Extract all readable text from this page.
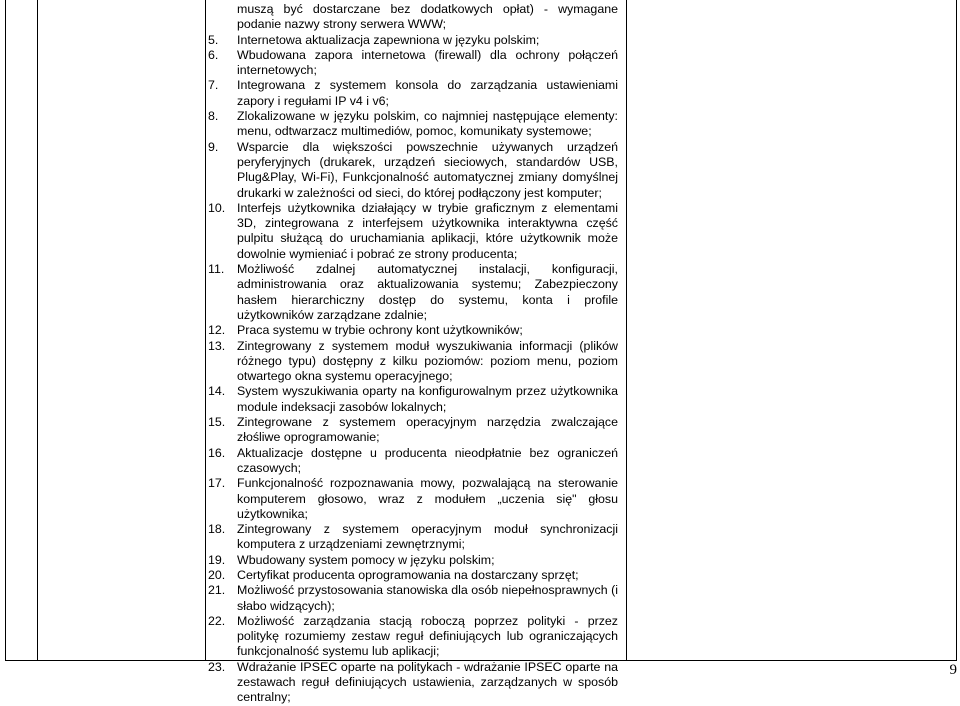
muszą być dostarczane bez dodatkowych opłat) - wymagane podanie nazwy strony serwera WWW;
5. Internetowa aktualizacja zapewniona w języku polskim;
6. Wbudowana zapora internetowa (firewall) dla ochrony połączeń internetowych;
7. Integrowana z systemem konsola do zarządzania ustawieniami zapory i regułami IP v4 i v6;
8. Zlokalizowane w języku polskim, co najmniej następujące elementy: menu, odtwarzacz multimediów, pomoc, komunikaty systemowe;
9. Wsparcie dla większości powszechnie używanych urządzeń peryferyjnych (drukarek, urządzeń sieciowych, standardów USB, Plug&Play, Wi-Fi), Funkcjonalność automatycznej zmiany domyślnej drukarki w zależności od sieci, do której podłączony jest komputer;
10. Interfejs użytkownika działający w trybie graficznym z elementami 3D, zintegrowana z interfejsem użytkownika interaktywna część pulpitu służącą do uruchamiania aplikacji, które użytkownik może dowolnie wymieniać i pobrać ze strony producenta;
11. Możliwość zdalnej automatycznej instalacji, konfiguracji, administrowania oraz aktualizowania systemu; Zabezpieczony hasłem hierarchiczny dostęp do systemu, konta i profile użytkowników zarządzane zdalnie;
12. Praca systemu w trybie ochrony kont użytkowników;
13. Zintegrowany z systemem moduł wyszukiwania informacji (plików różnego typu) dostępny z kilku poziomów: poziom menu, poziom otwartego okna systemu operacyjnego;
14. System wyszukiwania oparty na konfigurowalnym przez użytkownika module indeksacji zasobów lokalnych;
15. Zintegrowane z systemem operacyjnym narzędzia zwalczające złośliwe oprogramowanie;
16. Aktualizacje dostępne u producenta nieodpłatnie bez ograniczeń czasowych;
17. Funkcjonalność rozpoznawania mowy, pozwalającą na sterowanie komputerem głosowo, wraz z modułem „uczenia się" głosu użytkownika;
18. Zintegrowany z systemem operacyjnym moduł synchronizacji komputera z urządzeniami zewnętrznymi;
19. Wbudowany system pomocy w języku polskim;
20. Certyfikat producenta oprogramowania na dostarczany sprzęt;
21. Możliwość przystosowania stanowiska dla osób niepełnosprawnych (i słabo widzących);
22. Możliwość zarządzania stacją roboczą poprzez polityki - przez politykę rozumiemy zestaw reguł definiujących lub ograniczających funkcjonalność systemu lub aplikacji;
23. Wdrażanie IPSEC oparte na politykach - wdrażanie IPSEC oparte na zestawach reguł definiujących ustawienia, zarządzanych w sposób centralny;
9
